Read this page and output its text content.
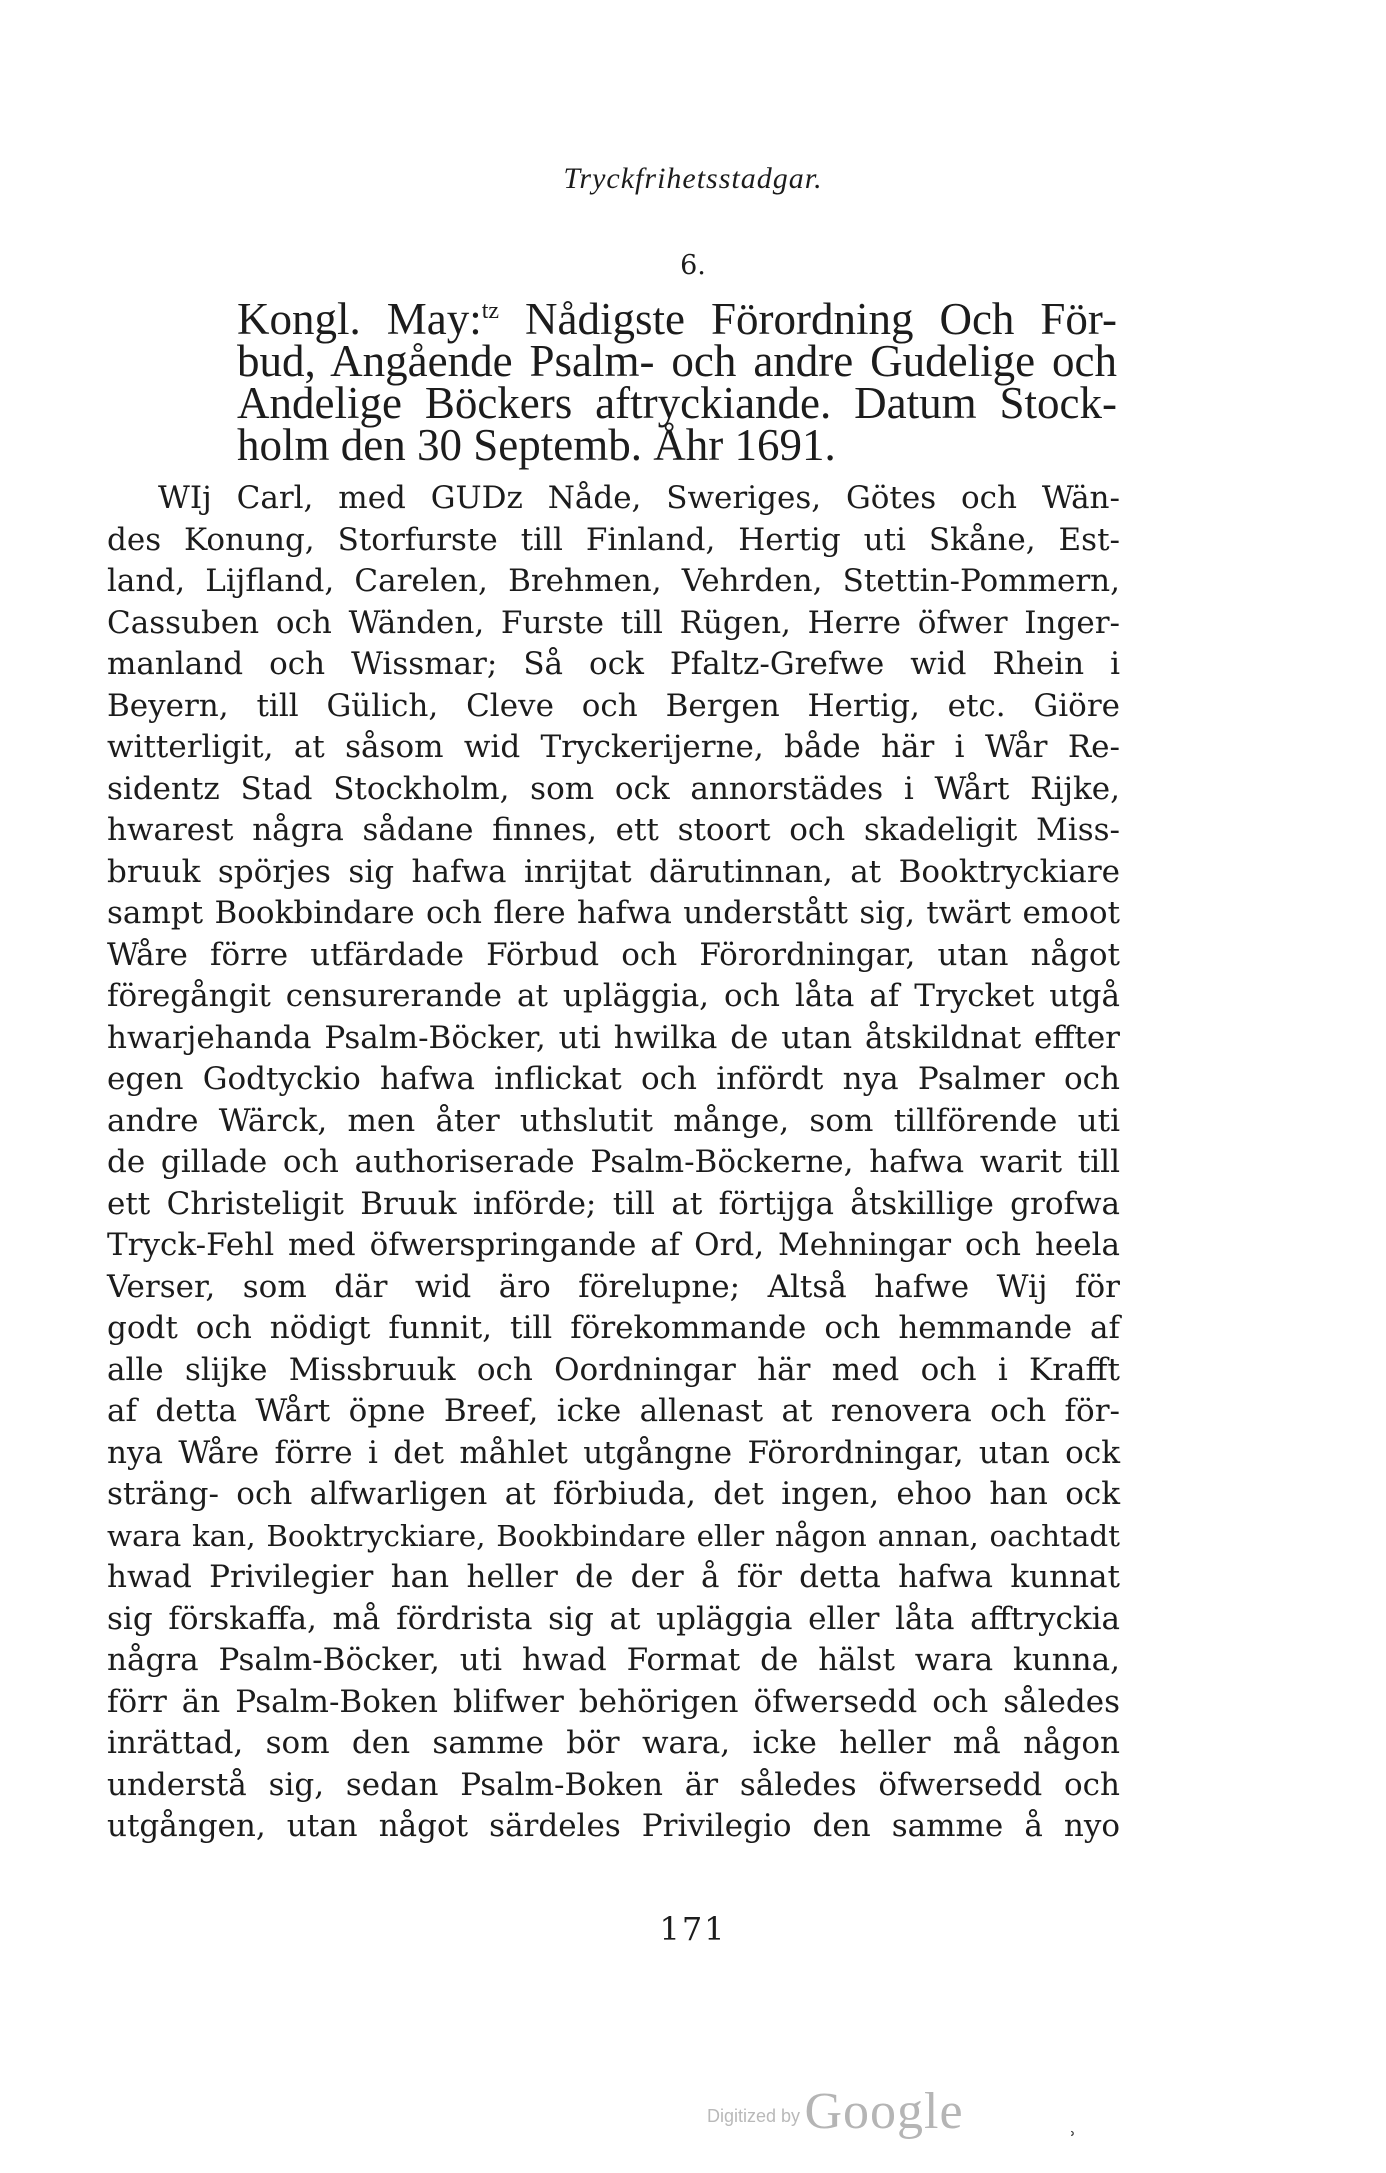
Tryckfrihetsstadgar.
6.
Kongl. May:$^{tz}$ Nådigste Förordning Och För-
bud, Angående Psalm- och andre Gudelige och
Andelige Böckers aftryckiande. Datum Stock-
holm den 30 Septemb. Åhr 1691.
WIj Carl, med GUDz Nåde, Sweriges, Götes och Wän-
des Konung, Storfurste till Finland, Hertig uti Skåne, Est-
land, Lijfland, Carelen, Brehmen, Vehrden, Stettin-Pommern,
Cassuben och Wänden, Furste till Rügen, Herre öfwer Inger-
manland och Wissmar; Så ock Pfaltz-Grefwe wid Rhein i
Beyern, till Gülich, Cleve och Bergen Hertig, etc. Giöre
witterligit, at såsom wid Tryckerijerne, både här i Wår Re-
sidentz Stad Stockholm, som ock annorstädes i Wårt Rijke,
hwarest några sådane finnes, ett stoort och skadeligit Miss-
bruuk spörjes sig hafwa inrijtat därutinnan, at Booktryckiare
sampt Bookbindare och flere hafwa understått sig, twärt emoot
Wåre förre utfärdade Förbud och Förordningar, utan något
föregångit censurerande at upläggia, och låta af Trycket utgå
hwarjehanda Psalm-Böcker, uti hwilka de utan åtskildnat effter
egen Godtyckio hafwa inflickat och infördt nya Psalmer och
andre Wärck, men åter uthslutit månge, som tillförende uti
de gillade och authoriserade Psalm-Böckerne, hafwa warit till
ett Christeligit Bruuk införde; till at förtijga åtskillige grofwa
Tryck-Fehl med öfwerspringande af Ord, Mehningar och heela
Verser, som där wid äro förelupne; Altså hafwe Wij för
godt och nödigt funnit, till förekommande och hemmande af
alle slijke Missbruuk och Oordningar här med och i Krafft
af detta Wårt öpne Breef, icke allenast at renovera och för-
nya Wåre förre i det måhlet utgångne Förordningar, utan ock
sträng- och alfwarligen at förbiuda, det ingen, ehoo han ock
wara kan, Booktryckiare, Bookbindare eller någon annan, oachtadt
hwad Privilegier han heller de der å för detta hafwa kunnat
sig förskaffa, må fördrista sig at upläggia eller låta afftryckia
några Psalm-Böcker, uti hwad Format de hälst wara kunna,
förr än Psalm-Boken blifwer behörigen öfwersedd och således
inrättad, som den samme bör wara, icke heller må någon
understå sig, sedan Psalm-Boken är således öfwersedd och
utgången, utan något särdeles Privilegio den samme å nyo
171
Digitized by Google	˒
